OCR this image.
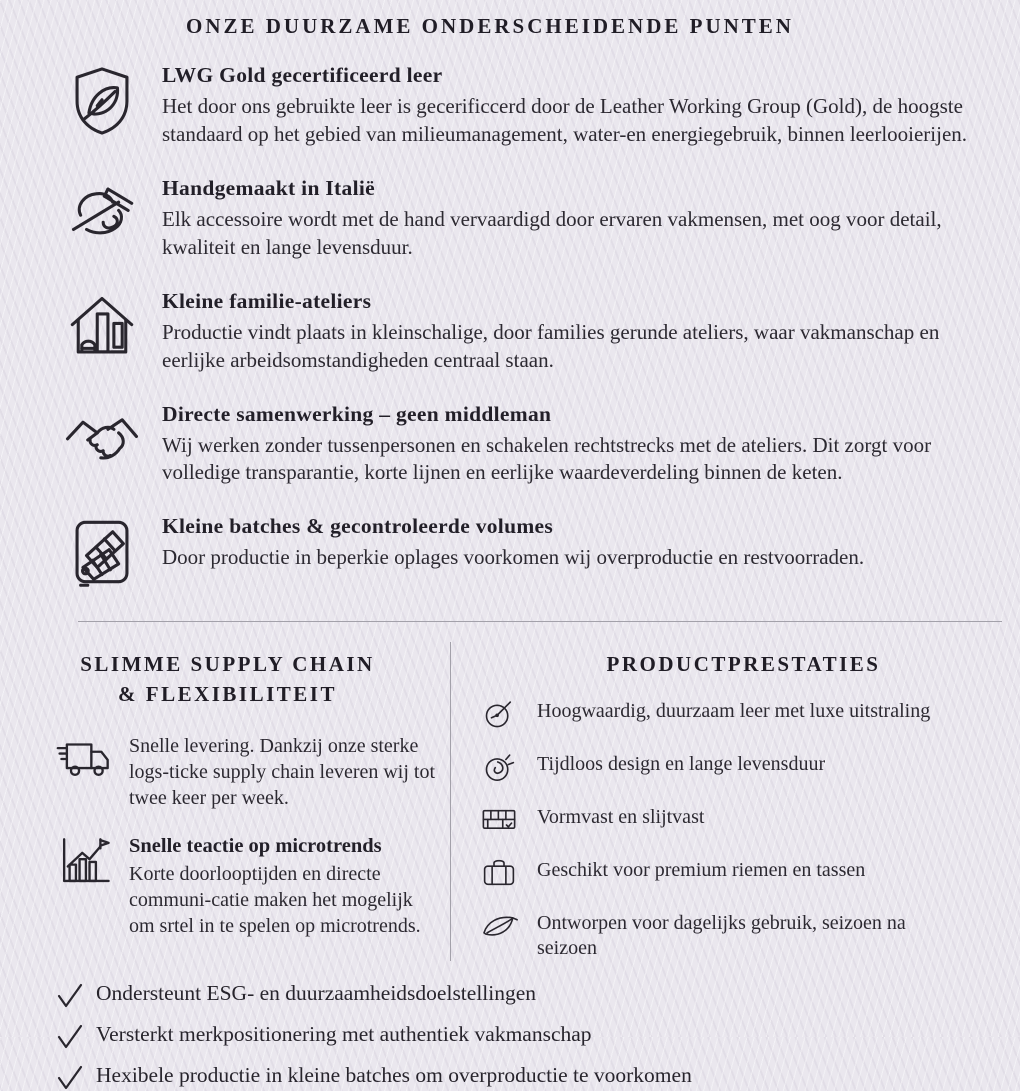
ONZE DUURZAME ONDERSCHEIDENDE PUNTEN
LWG Gold gecertificeerd leer
Het door ons gebruikte leer is gecerificcerd door de Leather Working Group (Gold), de hoogste standaard op het gebied van milieumanagement, water-en energiegebruik, binnen leerlooierijen.
Handgemaakt in Italië
Elk accessoire wordt met de hand vervaardigd door ervaren vakmensen, met oog voor detail, kwaliteit en lange levensduur.
Kleine familie-ateliers
Productie vindt plaats in kleinschalige, door families gerunde ateliers, waar vakmanschap en eerlijke arbeidsomstandigheden centraal staan.
Directe samenwerking – geen middleman
Wij werken zonder tussenpersonen en schakelen rechtstrecks met de ateliers. Dit zorgt voor volledige transparantie, korte lijnen en eerlijke waardeverdeling binnen de keten.
Kleine batches & gecontroleerde volumes
Door productie in beperkie oplages voorkomen wij overproductie en restvoorraden.
SLIMME SUPPLY CHAIN
& FLEXIBILITEIT
Snelle levering. Dankzij onze sterke logs-ticke supply chain leveren wij tot twee keer per week.
Snelle teactie op microtrends
Korte doorlooptijden en directe communi-catie maken het mogelijk om srtel in te spelen op microtrends.
PRODUCTPRESTATIES
Hoogwaardig, duurzaam leer met luxe uitstraling
Tijdloos design en lange levensduur
Vormvast en slijtvast
Geschikt voor premium riemen en tassen
Ontworpen voor dagelijks gebruik, seizoen na seizoen
Ondersteunt ESG- en duurzaamheidsdoelstellingen
Versterkt merkpositionering met authentiek vakmanschap
Hexibele productie in kleine batches om overproductie te voorkomen
